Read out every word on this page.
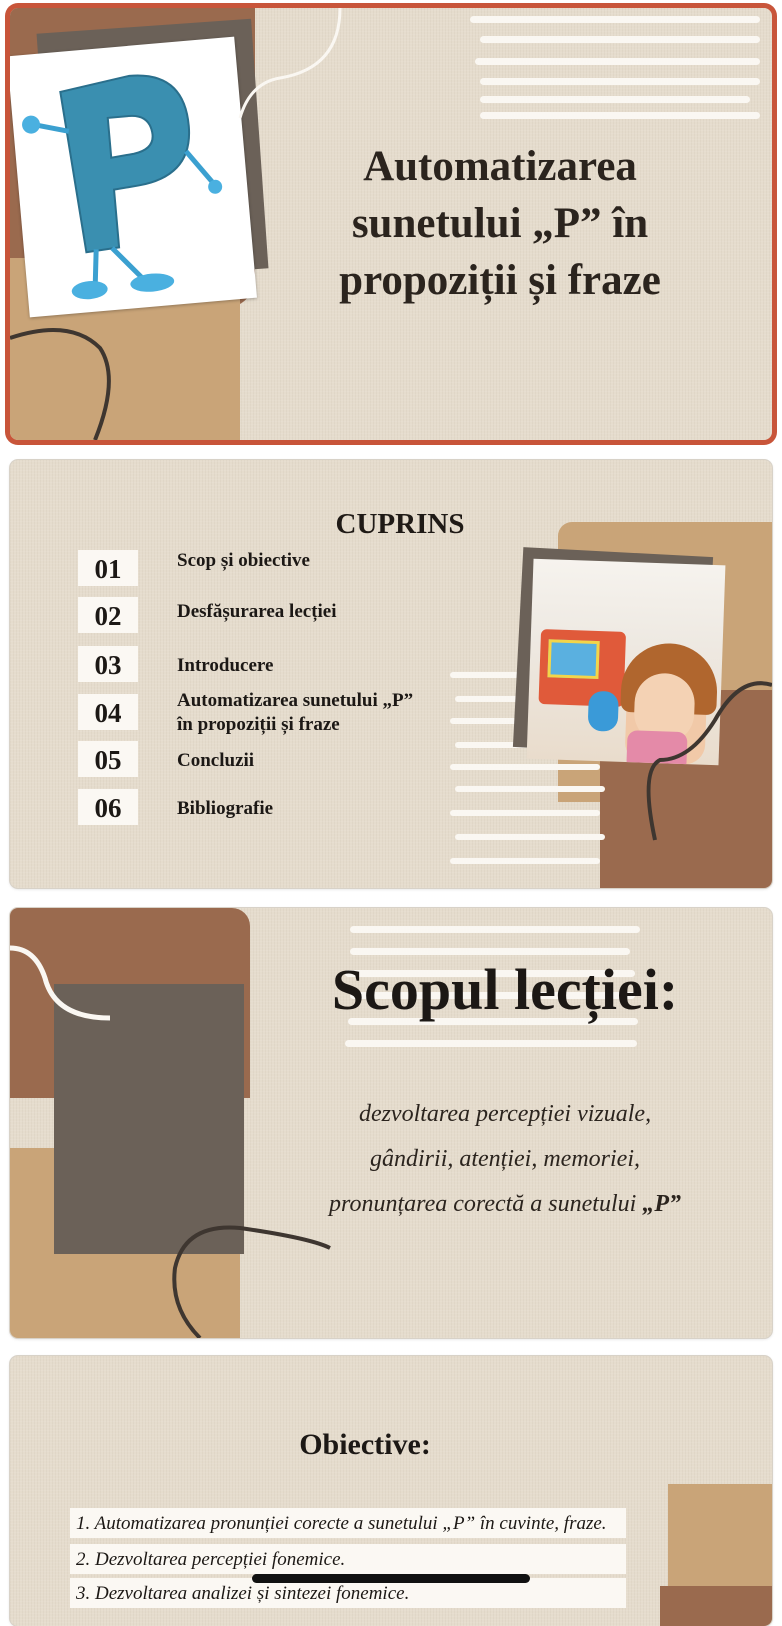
Automatizarea sunetului „P” în propoziții și fraze
CUPRINS
01	Scop și obiective
02	Desfășurarea lecției
03	Introducere
04	Automatizarea sunetului „P” în propoziții și fraze
05	Concluzii
06	Bibliografie
Scopul lecției:
dezvoltarea percepției vizuale,
gândirii, atenției, memoriei,
pronunțarea corectă a sunetului „P”
Obiective:
1. Automatizarea pronunției corecte a sunetului „P” în cuvinte, fraze.
2. Dezvoltarea percepției fonemice.
3. Dezvoltarea analizei și sintezei fonemice.
